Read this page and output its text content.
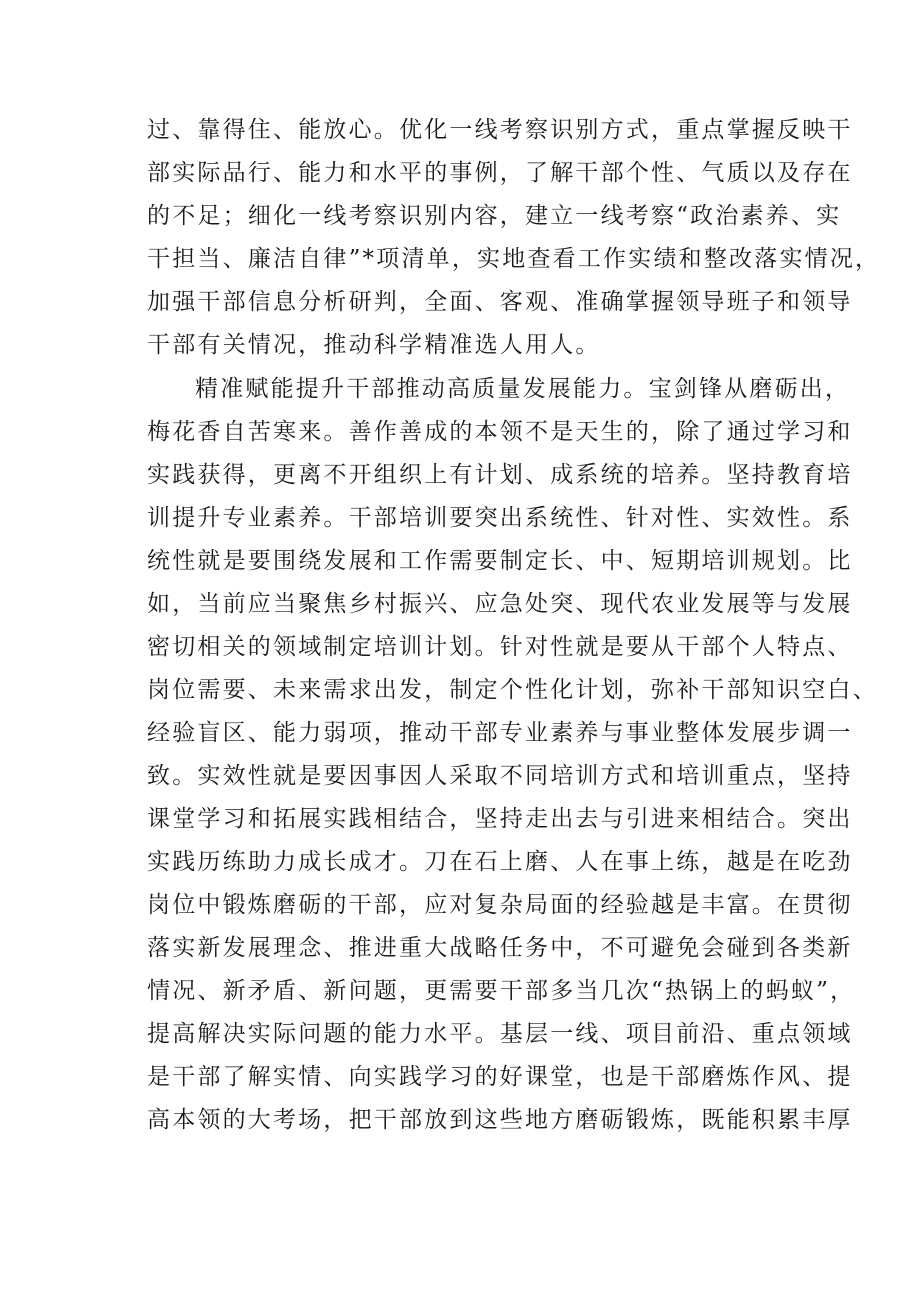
过、靠得住、能放心。优化一线考察识别方式，重点掌握反映干
部实际品行、能力和水平的事例，了解干部个性、气质以及存在
的不足；细化一线考察识别内容，建立一线考察“政治素养、实
干担当、廉洁自律”*项清单，实地查看工作实绩和整改落实情况，
加强干部信息分析研判，全面、客观、准确掌握领导班子和领导
干部有关情况，推动科学精准选人用人。
精准赋能提升干部推动高质量发展能力。宝剑锋从磨砺出，
梅花香自苦寒来。善作善成的本领不是天生的，除了通过学习和
实践获得，更离不开组织上有计划、成系统的培养。坚持教育培
训提升专业素养。干部培训要突出系统性、针对性、实效性。系
统性就是要围绕发展和工作需要制定长、中、短期培训规划。比
如，当前应当聚焦乡村振兴、应急处突、现代农业发展等与发展
密切相关的领域制定培训计划。针对性就是要从干部个人特点、
岗位需要、未来需求出发，制定个性化计划，弥补干部知识空白、
经验盲区、能力弱项，推动干部专业素养与事业整体发展步调一
致。实效性就是要因事因人采取不同培训方式和培训重点，坚持
课堂学习和拓展实践相结合，坚持走出去与引进来相结合。突出
实践历练助力成长成才。刀在石上磨、人在事上练，越是在吃劲
岗位中锻炼磨砺的干部，应对复杂局面的经验越是丰富。在贯彻
落实新发展理念、推进重大战略任务中，不可避免会碰到各类新
情况、新矛盾、新问题，更需要干部多当几次“热锅上的蚂蚁”，
提高解决实际问题的能力水平。基层一线、项目前沿、重点领域
是干部了解实情、向实践学习的好课堂，也是干部磨炼作风、提
高本领的大考场，把干部放到这些地方磨砺锻炼，既能积累丰厚
